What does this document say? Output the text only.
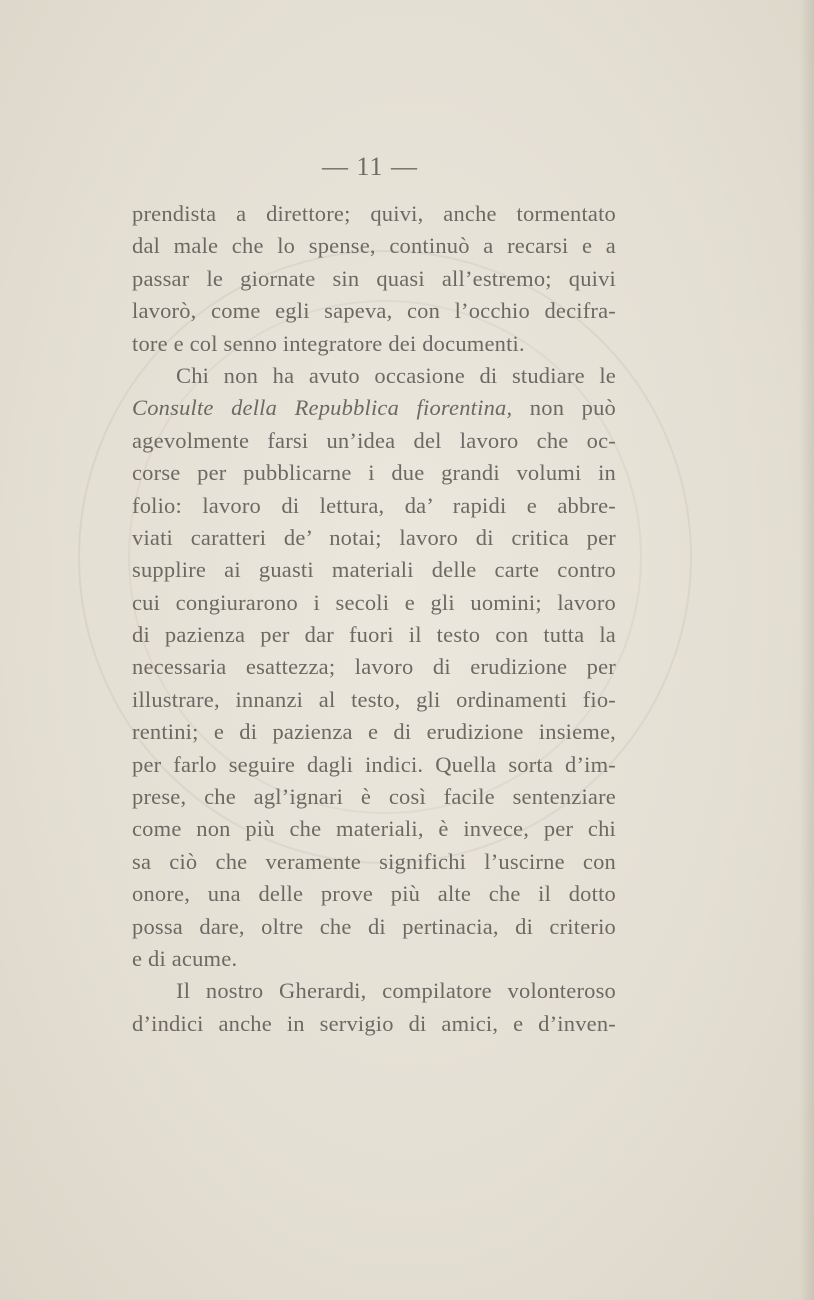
— 11 —
prendista a direttore; quivi, anche tormentato
dal male che lo spense, continuò a recarsi e a
passar le giornate sin quasi all’estremo; quivi
lavorò, come egli sapeva, con l’occhio decifra-
tore e col senno integratore dei documenti.
Chi non ha avuto occasione di studiare le
Consulte della Repubblica fiorentina, non può
agevolmente farsi un’idea del lavoro che oc-
corse per pubblicarne i due grandi volumi in
folio: lavoro di lettura, da’ rapidi e abbre-
viati caratteri de’ notai; lavoro di critica per
supplire ai guasti materiali delle carte contro
cui congiurarono i secoli e gli uomini; lavoro
di pazienza per dar fuori il testo con tutta la
necessaria esattezza; lavoro di erudizione per
illustrare, innanzi al testo, gli ordinamenti fio-
rentini; e di pazienza e di erudizione insieme,
per farlo seguire dagli indici. Quella sorta d’im-
prese, che agl’ignari è così facile sentenziare
come non più che materiali, è invece, per chi
sa ciò che veramente significhi l’uscirne con
onore, una delle prove più alte che il dotto
possa dare, oltre che di pertinacia, di criterio
e di acume.
Il nostro Gherardi, compilatore volonteroso
d’indici anche in servigio di amici, e d’inven-
